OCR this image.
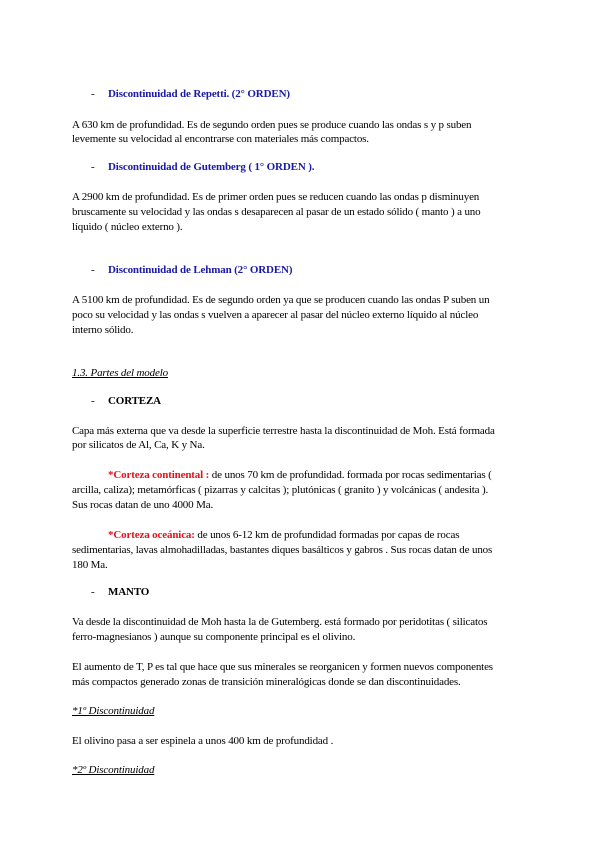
- Discontinuidad de Repetti. (2° ORDEN)
A 630 km de profundidad. Es de segundo orden pues se produce cuando las ondas s y p suben
levemente su velocidad al encontrarse con materiales más compactos.
- Discontinuidad de Gutemberg ( 1° ORDEN ).
A 2900 km de profundidad. Es de primer orden pues se reducen cuando las ondas p disminuyen
bruscamente su velocidad y las ondas s desaparecen al pasar de un estado sólido ( manto ) a uno
líquido ( núcleo externo ).
- Discontinuidad de Lehman (2° ORDEN)
A 5100 km de profundidad. Es de segundo orden ya que se producen cuando las ondas P suben un
poco su velocidad y las ondas s vuelven a aparecer al pasar del núcleo externo líquido al núcleo
interno sólido.
1.3. Partes del modelo
- CORTEZA
Capa más externa que va desde la superficie terrestre hasta la discontinuidad de Moh. Está formada
por silicatos de Al, Ca, K y Na.
*Corteza continental : de unos 70 km de profundidad. formada por rocas sedimentarias (
arcilla, caliza); metamórficas ( pizarras y calcitas ); plutónicas ( granito ) y volcánicas ( andesita ).
Sus rocas datan de uno 4000 Ma.
*Corteza oceánica: de unos 6-12 km de profundidad formadas por capas de rocas
sedimentarias, lavas almohadilladas, bastantes diques basálticos y gabros . Sus rocas datan de unos
180 Ma.
- MANTO
Va desde la discontinuidad de Moh hasta la de Gutemberg. está formado por peridotitas ( silicatos
ferro-magnesianos ) aunque su componente principal es el olivino.
El aumento de T, P es tal que hace que sus minerales se reorganicen y formen nuevos componentes
más compactos generado zonas de transición mineralógicas donde se dan discontinuidades.
*1º Discontinuidad
El olivino pasa a ser espinela a unos 400 km de profundidad .
*2º Discontinuidad
